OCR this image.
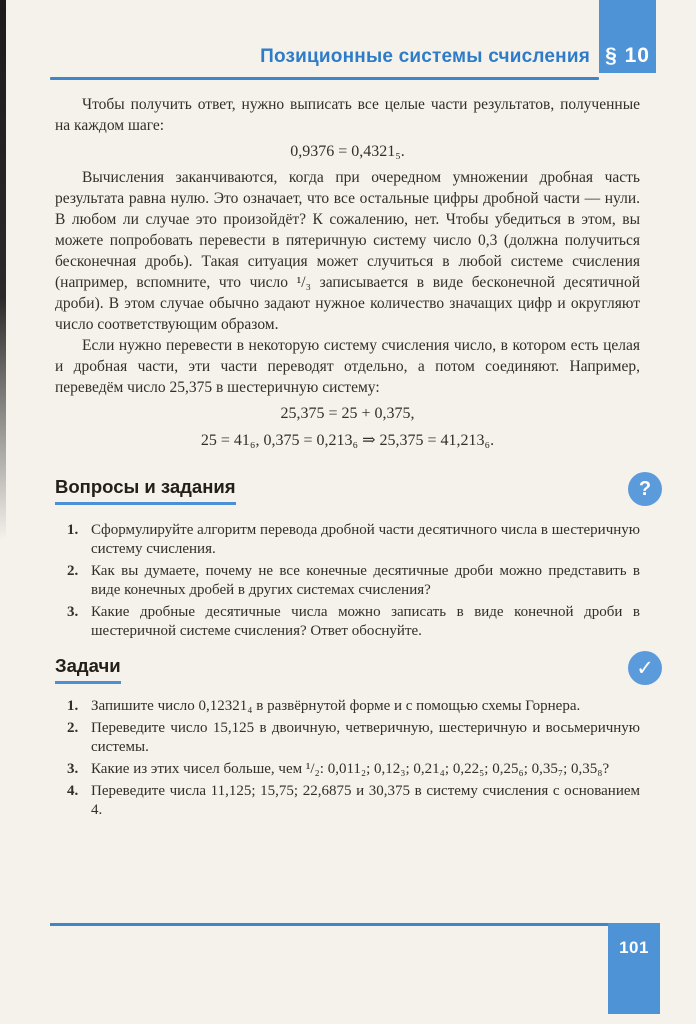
Позиционные системы счисления § 10

Чтобы получить ответ, нужно выписать все целые части результатов, полученные на каждом шаге:

0,9376 = 0,4321₅.

Вычисления заканчиваются, когда при очередном умножении дробная часть результата равна нулю. Это означает, что все остальные цифры дробной части — нули. В любом ли случае это произойдёт? К сожалению, нет. Чтобы убедиться в этом, вы можете попробовать перевести в пятеричную систему число 0,3 (должна получиться бесконечная дробь). Такая ситуация может случиться в любой системе счисления (например, вспомните, что число ¹/₃ записывается в виде бесконечной десятичной дроби). В этом случае обычно задают нужное количество значащих цифр и округляют число соответствующим образом.

Если нужно перевести в некоторую систему счисления число, в котором есть целая и дробная части, эти части переводят отдельно, а потом соединяют. Например, переведём число 25,375 в шестеричную систему:

25,375 = 25 + 0,375,

25 = 41₆, 0,375 = 0,213₆ ⇒ 25,375 = 41,213₆.

Вопросы и задания	?
1. Сформулируйте алгоритм перевода дробной части десятичного числа в шестеричную систему счисления.
2. Как вы думаете, почему не все конечные десятичные дроби можно представить в виде конечных дробей в других системах счисления?
3. Какие дробные десятичные числа можно записать в виде конечной дроби в шестеричной системе счисления? Ответ обоснуйте.
Задачи	✓
1. Запишите число 0,12321₄ в развёрнутой форме и с помощью схемы Горнера.
2. Переведите число 15,125 в двоичную, четверичную, шестеричную и восьмеричную системы.
3. Какие из этих чисел больше, чем ¹/₂: 0,011₂; 0,12₃; 0,21₄; 0,22₅; 0,25₆; 0,35₇; 0,35₈?
4. Переведите числа 11,125; 15,75; 22,6875 и 30,375 в систему счисления с основанием 4.
101
